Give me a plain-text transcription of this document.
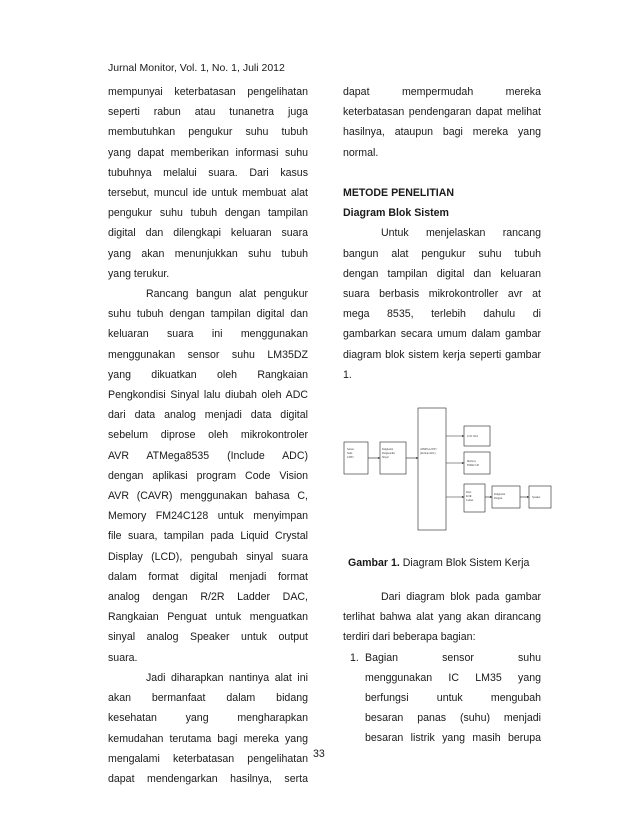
Jurnal Monitor, Vol. 1, No. 1, Juli 2012

mempunyai keterbatasan pengelihatan

seperti rabun atau tunanetra juga

membutuhkan pengukur suhu tubuh

yang dapat memberikan informasi suhu

tubuhnya melalui suara. Dari kasus

tersebut, muncul ide untuk membuat alat

pengukur suhu tubuh dengan tampilan

digital dan dilengkapi keluaran suara

yang akan menunjukkan suhu tubuh

yang terukur.

Rancang bangun alat pengukur

suhu tubuh dengan tampilan digital dan

keluaran suara ini menggunakan

menggunakan sensor suhu LM35DZ

yang dikuatkan oleh Rangkaian

Pengkondisi Sinyal lalu diubah oleh ADC

dari data analog menjadi data digital

sebelum diprose oleh mikrokontroler

AVR ATMega8535 (Include ADC)

dengan aplikasi program Code Vision

AVR (CAVR) menggunakan bahasa C,

Memory FM24C128 untuk menyimpan

file suara, tampilan pada Liquid Crystal

Display (LCD), pengubah sinyal suara

dalam format digital menjadi format

analog dengan R/2R Ladder DAC,

Rangkaian Penguat untuk menguatkan

sinyal analog Speaker untuk output

suara.

Jadi diharapkan nantinya alat ini

akan bermanfaat dalam bidang

kesehatan yang mengharapkan

kemudahan terutama bagi mereka yang

mengalami keterbatasan pengelihatan

dapat mendengarkan hasilnya, serta

dapat mempermudah mereka

keterbatasan pendengaran dapat melihat

hasilnya, ataupun bagi mereka yang

normal.

METODE PENELITIAN

Diagram Blok Sistem

Untuk menjelaskan rancang

bangun alat pengukur suhu tubuh

dengan tampilan digital dan keluaran

suara berbasis mikrokontroller avr at

mega 8535, terlebih dahulu di

gambarkan secara umum dalam gambar

diagram blok sistem kerja seperti gambar

1.

Sensor
Suhu
LM35
Rangkaian
Pengkondisi
Sinyal
ATMEGA 8535
(Include ADC)
LCD 16x2
Memory
FM24C128
DAC
R/2R
Ladder
Rangkaian
Penguat	Speaker
Gambar 1. Diagram Blok Sistem Kerja

Dari diagram blok pada gambar

terlihat bahwa alat yang akan dirancang

terdiri dari beberapa bagian:

1. Bagian sensor suhu

menggunakan IC LM35 yang

berfungsi untuk mengubah

besaran panas (suhu) menjadi

besaran listrik yang masih berupa

33
